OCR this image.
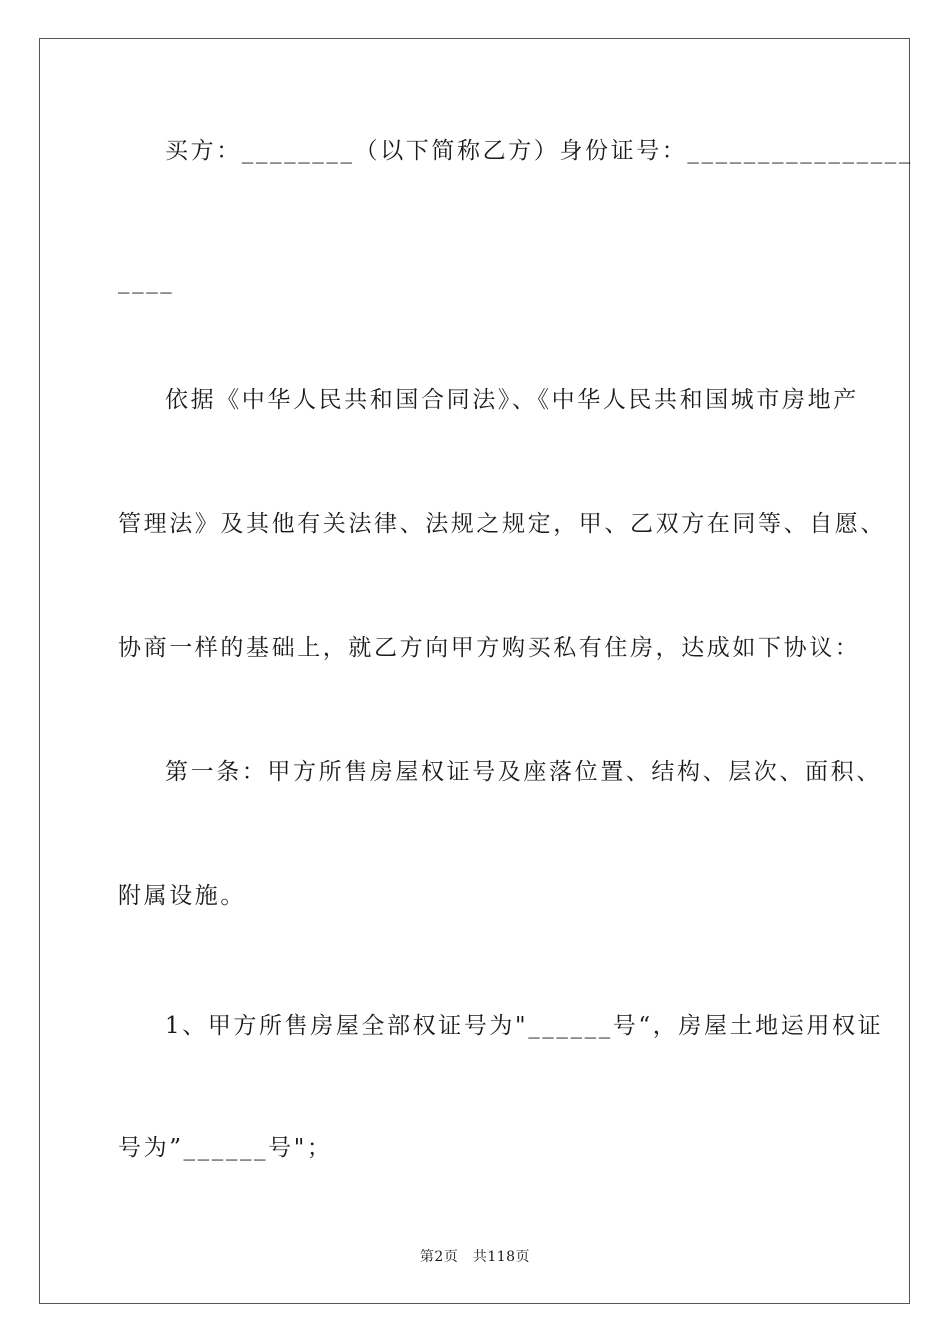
买方：________（以下简称乙方）身份证号：________________
____
依据《中华人民共和国合同法》、《中华人民共和国城市房地产
管理法》及其他有关法律、法规之规定，甲、乙双方在同等、自愿、
协商一样的基础上，就乙方向甲方购买私有住房，达成如下协议：
第一条：甲方所售房屋权证号及座落位置、结构、层次、面积、
附属设施。
1、甲方所售房屋全部权证号为"______号“，房屋土地运用权证
号为”______号"；
第2页　共118页
